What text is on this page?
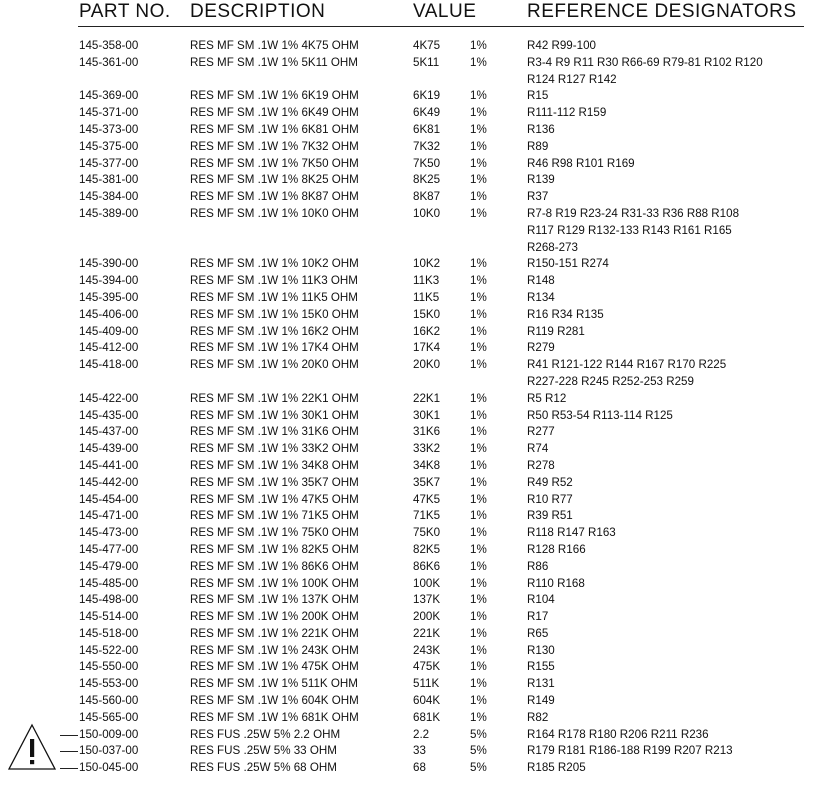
PART NO. DESCRIPTION	VALUE	REFERENCE DESIGNATORS
145-358-00	RES MF SM .1W 1% 4K75 OHM	4K75	1%	R42 R99-100
145-361-00	RES MF SM .1W 1% 5K11 OHM	5K11	1%	R3-4 R9 R11 R30 R66-69 R79-81 R102 R120
R124 R127 R142
145-369-00	RES MF SM .1W 1% 6K19 OHM	6K19	1%	R15
145-371-00	RES MF SM .1W 1% 6K49 OHM	6K49	1%	R111-112 R159
145-373-00	RES MF SM .1W 1% 6K81 OHM	6K81	1%	R136
145-375-00	RES MF SM .1W 1% 7K32 OHM	7K32	1%	R89
145-377-00	RES MF SM .1W 1% 7K50 OHM	7K50	1%	R46 R98 R101 R169
145-381-00	RES MF SM .1W 1% 8K25 OHM	8K25	1%	R139
145-384-00	RES MF SM .1W 1% 8K87 OHM	8K87	1%	R37
145-389-00	RES MF SM .1W 1% 10K0 OHM	10K0	1%	R7-8 R19 R23-24 R31-33 R36 R88 R108
R117 R129 R132-133 R143 R161 R165
R268-273
145-390-00	RES MF SM .1W 1% 10K2 OHM	10K2	1%	R150-151 R274
145-394-00	RES MF SM .1W 1% 11K3 OHM	11K3	1%	R148
145-395-00	RES MF SM .1W 1% 11K5 OHM	11K5	1%	R134
145-406-00	RES MF SM .1W 1% 15K0 OHM	15K0	1%	R16 R34 R135
145-409-00	RES MF SM .1W 1% 16K2 OHM	16K2	1%	R119 R281
145-412-00	RES MF SM .1W 1% 17K4 OHM	17K4	1%	R279
145-418-00	RES MF SM .1W 1% 20K0 OHM	20K0	1%	R41 R121-122 R144 R167 R170 R225
R227-228 R245 R252-253 R259
145-422-00	RES MF SM .1W 1% 22K1 OHM	22K1	1%	R5 R12
145-435-00	RES MF SM .1W 1% 30K1 OHM	30K1	1%	R50 R53-54 R113-114 R125
145-437-00	RES MF SM .1W 1% 31K6 OHM	31K6	1%	R277
145-439-00	RES MF SM .1W 1% 33K2 OHM	33K2	1%	R74
145-441-00	RES MF SM .1W 1% 34K8 OHM	34K8	1%	R278
145-442-00	RES MF SM .1W 1% 35K7 OHM	35K7	1%	R49 R52
145-454-00	RES MF SM .1W 1% 47K5 OHM	47K5	1%	R10 R77
145-471-00	RES MF SM .1W 1% 71K5 OHM	71K5	1%	R39 R51
145-473-00	RES MF SM .1W 1% 75K0 OHM	75K0	1%	R118 R147 R163
145-477-00	RES MF SM .1W 1% 82K5 OHM	82K5	1%	R128 R166
145-479-00	RES MF SM .1W 1% 86K6 OHM	86K6	1%	R86
145-485-00	RES MF SM .1W 1% 100K OHM	100K	1%	R110 R168
145-498-00	RES MF SM .1W 1% 137K OHM	137K	1%	R104
145-514-00	RES MF SM .1W 1% 200K OHM	200K	1%	R17
145-518-00	RES MF SM .1W 1% 221K OHM	221K	1%	R65
145-522-00	RES MF SM .1W 1% 243K OHM	243K	1%	R130
145-550-00	RES MF SM .1W 1% 475K OHM	475K	1%	R155
145-553-00	RES MF SM .1W 1% 511K OHM	511K	1%	R131
145-560-00	RES MF SM .1W 1% 604K OHM	604K	1%	R149
145-565-00	RES MF SM .1W 1% 681K OHM	681K	1%	R82
150-009-00	RES FUS .25W 5% 2.2 OHM	2.2	5%	R164 R178 R180 R206 R211 R236
150-037-00	RES FUS .25W 5% 33 OHM	33	5%	R179 R181 R186-188 R199 R207 R213
150-045-00	RES FUS .25W 5% 68 OHM	68	5%	R185 R205
